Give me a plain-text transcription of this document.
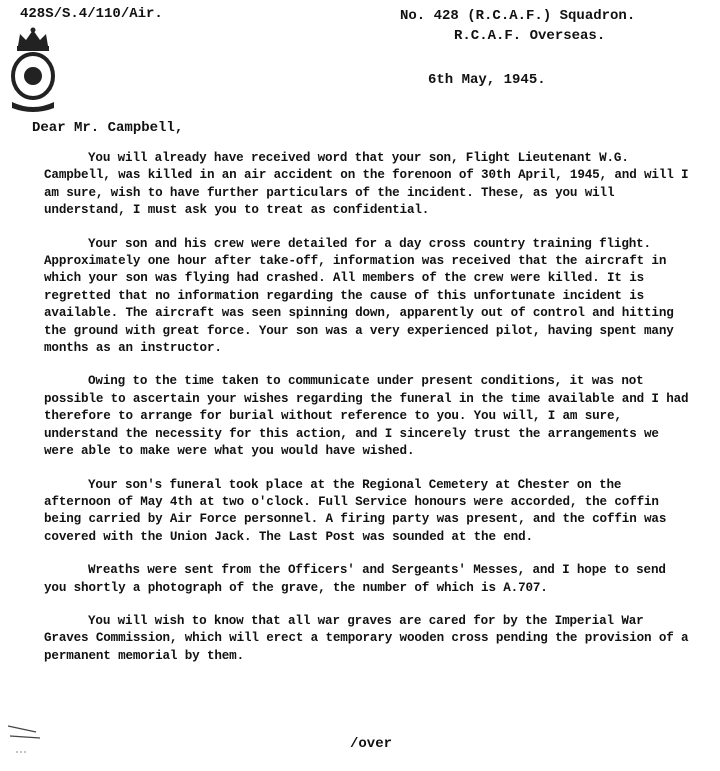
428S/S.4/110/Air.	No. 428 (R.C.A.F.) Squadron.
R.C.A.F. Overseas.
6th May, 1945.
Dear Mr. Campbell,

You will already have received word that your son, Flight Lieutenant W.G. Campbell, was killed in an air accident on the forenoon of 30th April, 1945, and will I am sure, wish to have further particulars of the incident. These, as you will understand, I must ask you to treat as confidential.

Your son and his crew were detailed for a day cross country training flight. Approximately one hour after take-off, information was received that the aircraft in which your son was flying had crashed. All members of the crew were killed. It is regretted that no information regarding the cause of this unfortunate incident is available. The aircraft was seen spinning down, apparently out of control and hitting the ground with great force. Your son was a very experienced pilot, having spent many months as an instructor.

Owing to the time taken to communicate under present conditions, it was not possible to ascertain your wishes regarding the funeral in the time available and I had therefore to arrange for burial without reference to you. You will, I am sure, understand the necessity for this action, and I sincerely trust the arrangements we were able to make were what you would have wished.

Your son's funeral took place at the Regional Cemetery at Chester on the afternoon of May 4th at two o'clock. Full Service honours were accorded, the coffin being carried by Air Force personnel. A firing party was present, and the coffin was covered with the Union Jack. The Last Post was sounded at the end.

Wreaths were sent from the Officers' and Sergeants' Messes, and I hope to send you shortly a photograph of the grave, the number of which is A.707.

You will wish to know that all war graves are cared for by the Imperial War Graves Commission, which will erect a temporary wooden cross pending the provision of a permanent memorial by them.

/over
